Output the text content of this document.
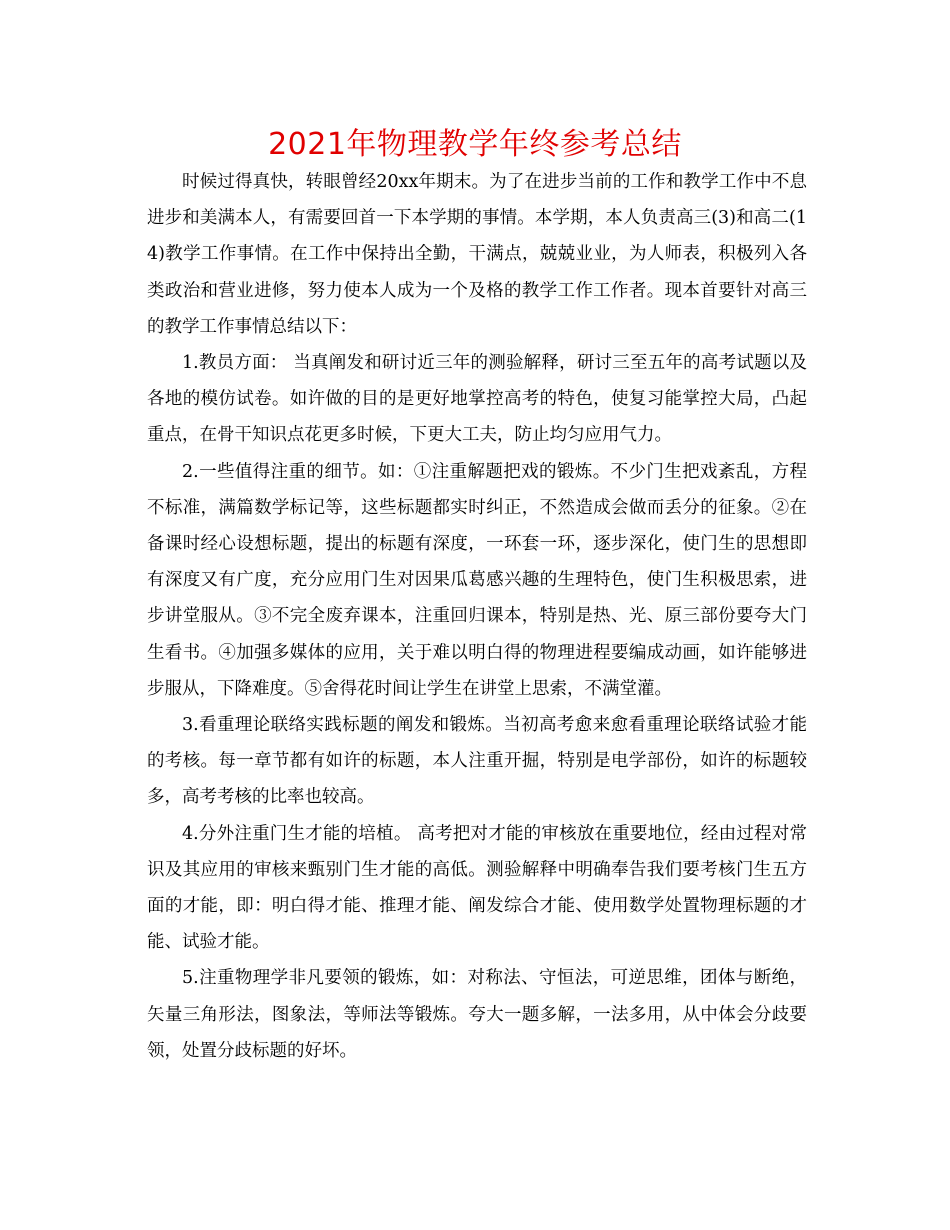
2021年物理教学年终参考总结

时候过得真快，转眼曾经20xx年期末。为了在进步当前的工作和教学工作中不息进步和美满本人，有需要回首一下本学期的事情。本学期，本人负责高三(3)和高二(14)教学工作事情。在工作中保持出全勤，干满点，兢兢业业，为人师表，积极列入各类政治和营业进修，努力使本人成为一个及格的教学工作工作者。现本首要针对高三的教学工作事情总结以下：

1.教员方面： 当真阐发和研讨近三年的测验解释，研讨三至五年的高考试题以及各地的模仿试卷。如许做的目的是更好地掌控高考的特色，使复习能掌控大局，凸起重点，在骨干知识点花更多时候，下更大工夫，防止均匀应用气力。

2.一些值得注重的细节。如：①注重解题把戏的锻炼。不少门生把戏紊乱，方程不标准，满篇数学标记等，这些标题都实时纠正，不然造成会做而丢分的征象。②在备课时经心设想标题，提出的标题有深度，一环套一环，逐步深化，使门生的思想即有深度又有广度，充分应用门生对因果瓜葛感兴趣的生理特色，使门生积极思索，进步讲堂服从。③不完全废弃课本，注重回归课本，特别是热、光、原三部份要夸大门生看书。④加强多媒体的应用，关于难以明白得的物理进程要编成动画，如许能够进步服从，下降难度。⑤舍得花时间让学生在讲堂上思索，不满堂灌。

3.看重理论联络实践标题的阐发和锻炼。当初高考愈来愈看重理论联络试验才能的考核。每一章节都有如许的标题，本人注重开掘，特别是电学部份，如许的标题较多，高考考核的比率也较高。

4.分外注重门生才能的培植。 高考把对才能的审核放在重要地位，经由过程对常识及其应用的审核来甄别门生才能的高低。测验解释中明确奉告我们要考核门生五方面的才能，即：明白得才能、推理才能、阐发综合才能、使用数学处置物理标题的才能、试验才能。

5.注重物理学非凡要领的锻炼，如：对称法、守恒法，可逆思维，团体与断绝，矢量三角形法，图象法，等师法等锻炼。夸大一题多解，一法多用，从中体会分歧要领，处置分歧标题的好坏。
